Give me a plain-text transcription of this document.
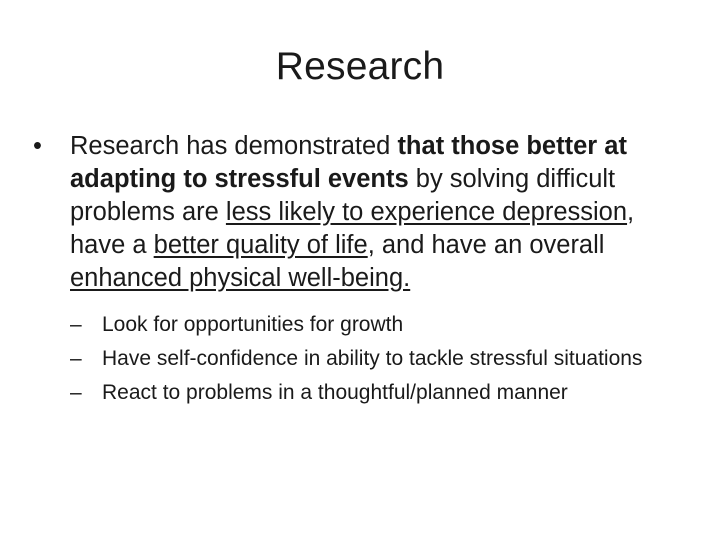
Research
•	Research has demonstrated that those better at adapting to stressful events by solving difficult problems are less likely to experience depression, have a better quality of life, and have an overall enhanced physical well-being.
– Look for opportunities for growth
– Have self-confidence in ability to tackle stressful situations
– React to problems in a thoughtful/planned manner
